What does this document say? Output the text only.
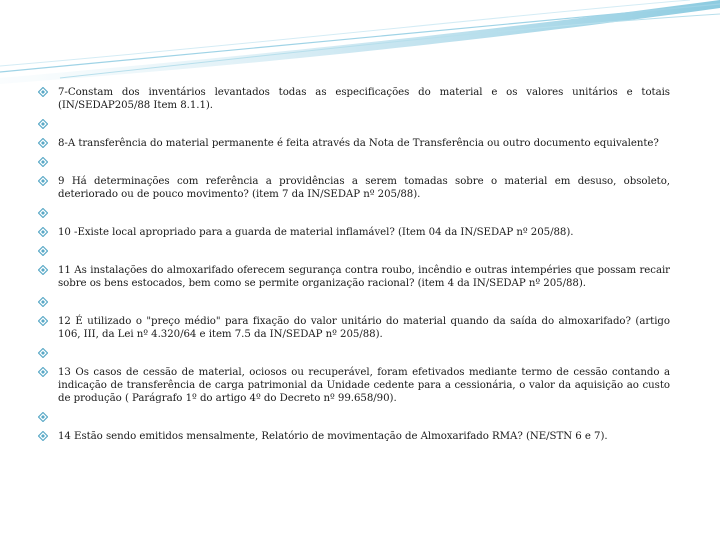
7-Constam dos inventários levantados todas as especificações do material e os valores unitários e totais (IN/SEDAP205/88 Item 8.1.1).
8-A transferência do material permanente é feita através da Nota de Transferência ou outro documento equivalente?
9 Há determinações com referência a providências a serem tomadas sobre o material em desuso, obsoleto, deteriorado ou de pouco movimento? (item 7 da IN/SEDAP nº 205/88).
10 -Existe local apropriado para a guarda de material inflamável? (Item 04 da IN/SEDAP nº 205/88).
11 As instalações do almoxarifado oferecem segurança contra roubo, incêndio e outras intempéries que possam recair sobre os bens estocados, bem como se permite organização racional? (item 4 da IN/SEDAP nº 205/88).
12 É utilizado o "preço médio" para fixação do valor unitário do material quando da saída do almoxarifado? (artigo 106, III, da Lei nº 4.320/64 e item 7.5 da IN/SEDAP nº 205/88).
13 Os casos de cessão de material, ociosos ou recuperável, foram efetivados mediante termo de cessão contando a indicação de transferência de carga patrimonial da Unidade cedente para a cessionária, o valor da aquisição ao custo de produção ( Parágrafo 1º do artigo 4º do Decreto nº 99.658/90).
14 Estão sendo emitidos mensalmente, Relatório de movimentação de Almoxarifado RMA? (NE/STN 6 e 7).
